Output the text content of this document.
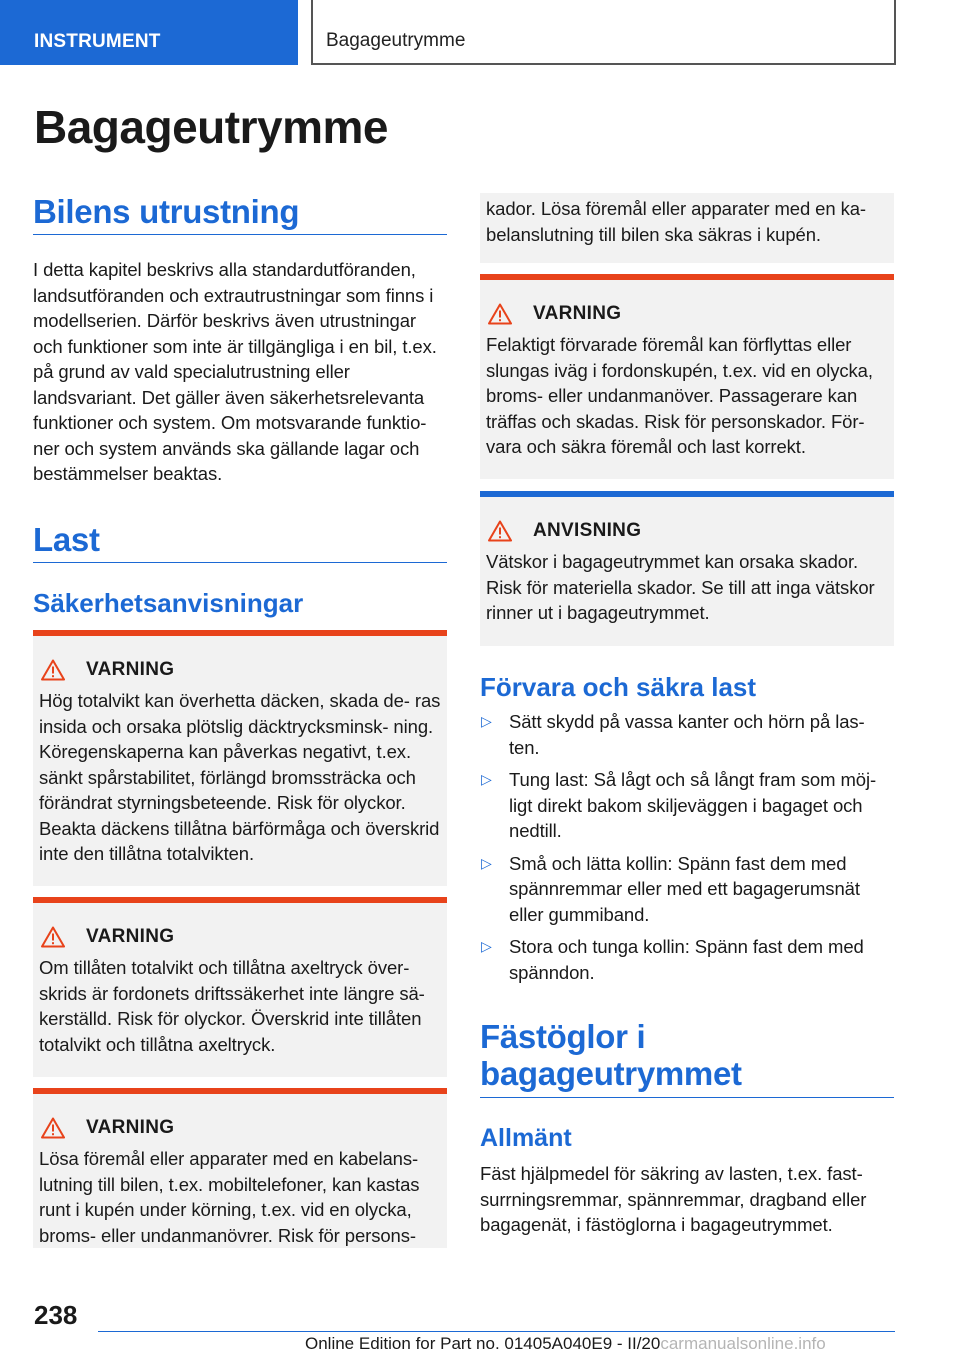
INSTRUMENT	Bagageutrymme
Bagageutrymme
Bilens utrustning

I detta kapitel beskrivs alla standardutföranden, landsutföranden och extrautrustningar som finns i modellserien. Därför beskrivs även utrustningar och funktioner som inte är tillgängliga i en bil, t.ex. på grund av vald specialutrustning eller landsvariant. Det gäller även säkerhetsrelevanta funktioner och system. Om motsvarande funktio‐ ner och system används ska gällande lagar och bestämmelser beaktas.

Last
Säkerhetsanvisningar
VARNING

Hög totalvikt kan överhetta däcken, skada de‐ ras insida och orsaka plötslig däcktrycksminsk‐ ning. Köregenskaperna kan påverkas negativt, t.ex. sänkt spårstabilitet, förlängd bromssträcka och förändrat styrningsbeteende. Risk för olyckor. Beakta däckens tillåtna bärförmåga och överskrid inte den tillåtna totalvikten.

VARNING

Om tillåten totalvikt och tillåtna axeltryck över‐ skrids är fordonets driftssäkerhet inte längre sä‐ kerställd. Risk för olyckor. Överskrid inte tillåten totalvikt och tillåtna axeltryck.

VARNING

Lösa föremål eller apparater med en kabelans‐ lutning till bilen, t.ex. mobiltelefoner, kan kastas runt i kupén under körning, t.ex. vid en olycka, broms- eller undanmanövrer. Risk för persons‐

kador. Lösa föremål eller apparater med en ka‐ belanslutning till bilen ska säkras i kupén.

VARNING

Felaktigt förvarade föremål kan förflyttas eller slungas iväg i fordonskupén, t.ex. vid en olycka, broms- eller undanmanöver. Passagerare kan träffas och skadas. Risk för personskador. För‐ vara och säkra föremål och last korrekt.

ANVISNING

Vätskor i bagageutrymmet kan orsaka skador. Risk för materiella skador. Se till att inga vätskor rinner ut i bagageutrymmet.

Förvara och säkra last
▷ Sätt skydd på vassa kanter och hörn på las‐ ten.
▷ Tung last: Så lågt och så långt fram som möj‐ ligt direkt bakom skiljeväggen i bagaget och nedtill.
▷ Små och lätta kollin: Spänn fast dem med spännremmar eller med ett bagagerumsnät eller gummiband.
▷ Stora och tunga kollin: Spänn fast dem med spänndon.
Fästöglor i
bagageutrymmet
Allmänt

Fäst hjälpmedel för säkring av lasten, t.ex. fast‐ surrningsremmar, spännremmar, dragband eller bagagenät, i fästöglorna i bagageutrymmet.

238
Online Edition for Part no. 01405A040E9 - II/20carmanualsonline.info
